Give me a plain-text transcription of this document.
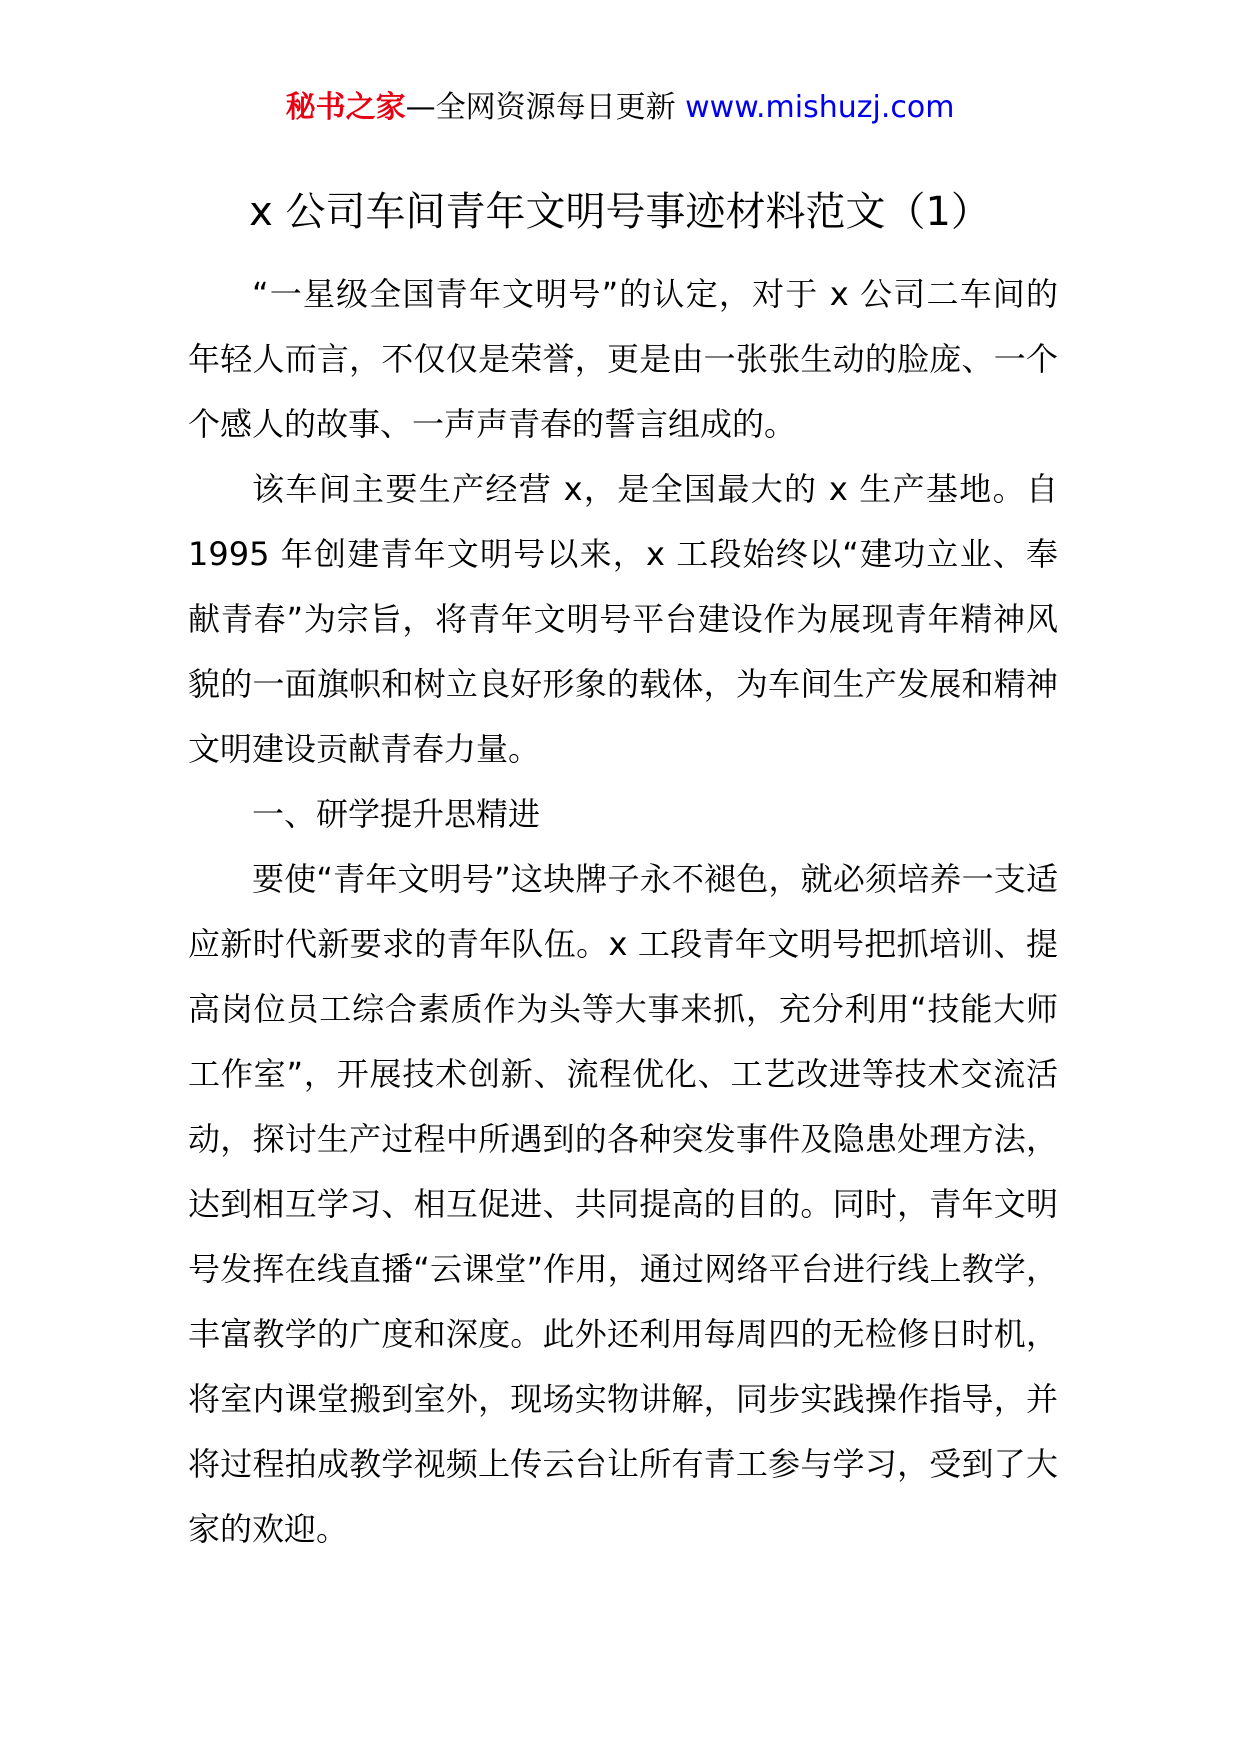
秘书之家—全网资源每日更新 www.mishuzj.com
x 公司车间青年文明号事迹材料范文（1）

“一星级全国青年文明号”的认定，对于 x 公司二车间的年轻人而言，不仅仅是荣誉，更是由一张张生动的脸庞、一个个感人的故事、一声声青春的誓言组成的。

该车间主要生产经营 x，是全国最大的 x 生产基地。自 1995 年创建青年文明号以来，x 工段始终以“建功立业、奉献青春”为宗旨，将青年文明号平台建设作为展现青年精神风貌的一面旗帜和树立良好形象的载体，为车间生产发展和精神文明建设贡献青春力量。

一、研学提升思精进

要使“青年文明号”这块牌子永不褪色，就必须培养一支适应新时代新要求的青年队伍。x 工段青年文明号把抓培训、提高岗位员工综合素质作为头等大事来抓，充分利用“技能大师工作室”，开展技术创新、流程优化、工艺改进等技术交流活动，探讨生产过程中所遇到的各种突发事件及隐患处理方法，达到相互学习、相互促进、共同提高的目的。同时，青年文明号发挥在线直播“云课堂”作用，通过网络平台进行线上教学，丰富教学的广度和深度。此外还利用每周四的无检修日时机，将室内课堂搬到室外，现场实物讲解，同步实践操作指导，并将过程拍成教学视频上传云台让所有青工参与学习，受到了大家的欢迎。
